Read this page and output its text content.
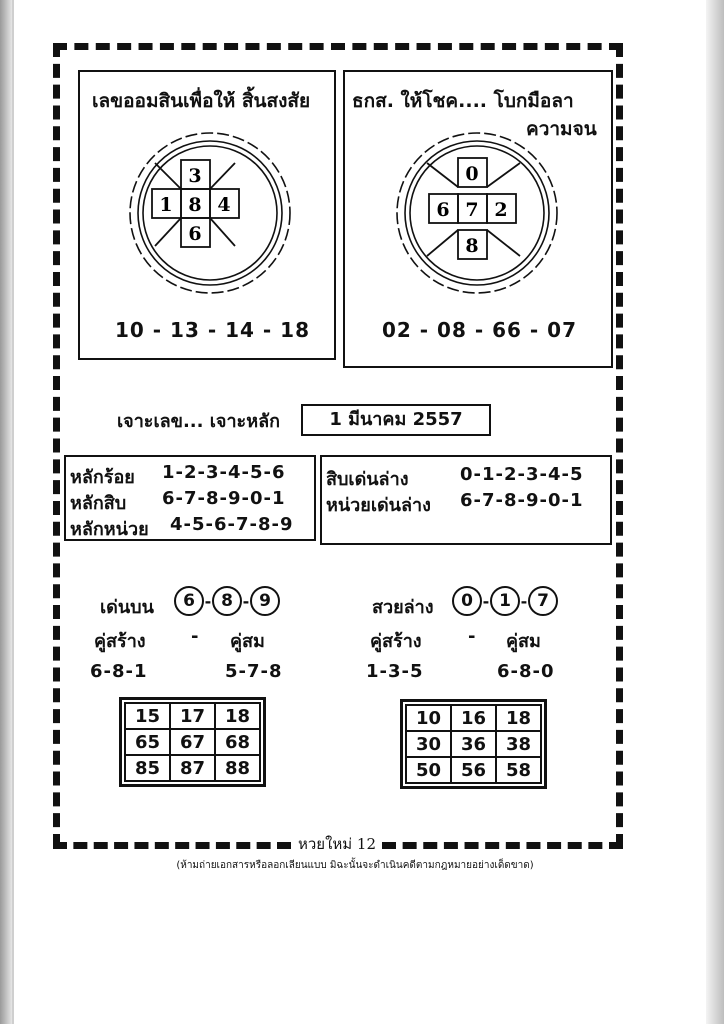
เลขออมสินเพื่อให้ สิ้นสงสัย
3
1 8 4
6
10 - 13 - 14 - 18
ธกส. ให้โชค.... โบกมือลา
ความจน
0
6 7 2
8
02 - 08 - 66 - 07
เจาะเลข... เจาะหลัก	1 มีนาคม 2557
หลักร้อย 1-2-3-4-5-6
หลักสิบ 6-7-8-9-0-1
หลักหน่วย 4-5-6-7-8-9
สิบเด่นล่าง	0-1-2-3-4-5
หน่วยเด่นล่าง 6-7-8-9-0-1
เด่นบน	6 - 8 - 9
คู่สร้าง	- คู่สม
6-8-1	5-7-8
15	17	18
65	67	68
85	87	88
สวยล่าง	0 - 1 - 7
คู่สร้าง	- คู่สม
1-3-5	6-8-0
10	16	18
30	36	38
50	56	58
หวยใหม่ 12
(ห้ามถ่ายเอกสารหรือลอกเลียนแบบ มิฉะนั้นจะดำเนินคดีตามกฎหมายอย่างเด็ดขาด)
